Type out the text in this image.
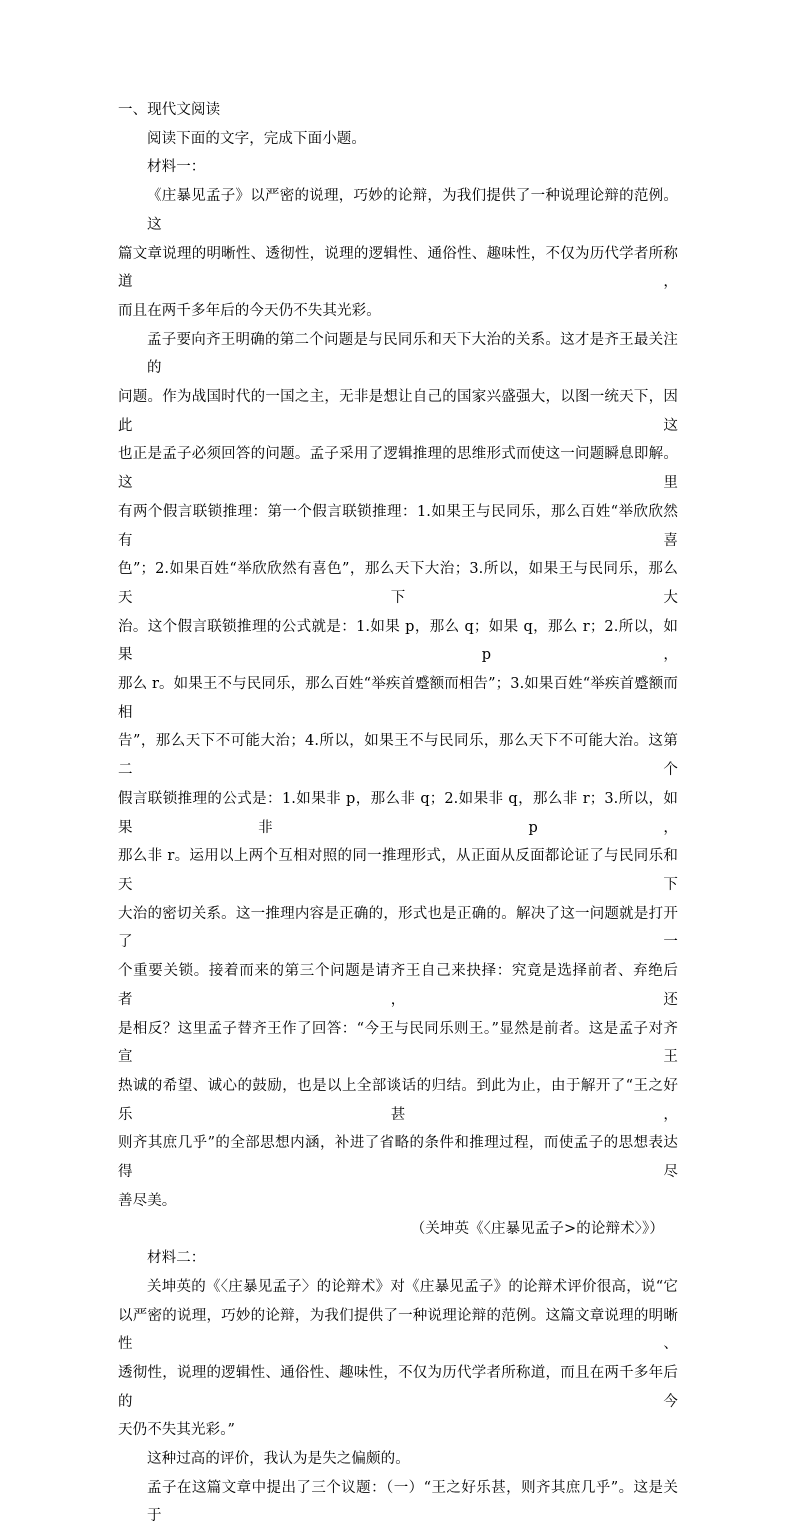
一、现代文阅读
阅读下面的文字，完成下面小题。
材料一：
《庄暴见孟子》以严密的说理，巧妙的论辩，为我们提供了一种说理论辩的范例。这
篇文章说理的明晰性、透彻性，说理的逻辑性、通俗性、趣味性，不仅为历代学者所称道，
而且在两千多年后的今天仍不失其光彩。
孟子要向齐王明确的第二个问题是与民同乐和天下大治的关系。这才是齐王最关注的
问题。作为战国时代的一国之主，无非是想让自己的国家兴盛强大，以图一统天下，因此这
也正是孟子必须回答的问题。孟子采用了逻辑推理的思维形式而使这一问题瞬息即解。这里
有两个假言联锁推理：第一个假言联锁推理：1.如果王与民同乐，那么百姓“举欣欣然有喜
色”；2.如果百姓“举欣欣然有喜色”，那么天下大治；3.所以，如果王与民同乐，那么天下大
治。这个假言联锁推理的公式就是：1.如果 p，那么 q；如果 q，那么 r；2.所以，如果 p，
那么 r。如果王不与民同乐，那么百姓“举疾首蹙额而相告”；3.如果百姓“举疾首蹙额而相
告”，那么天下不可能大治；4.所以，如果王不与民同乐，那么天下不可能大治。这第二个
假言联锁推理的公式是：1.如果非 p，那么非 q；2.如果非 q，那么非 r；3.所以，如果非 p，
那么非 r。运用以上两个互相对照的同一推理形式，从正面从反面都论证了与民同乐和天下
大治的密切关系。这一推理内容是正确的，形式也是正确的。解决了这一问题就是打开了一
个重要关锁。接着而来的第三个问题是请齐王自己来抉择：究竟是选择前者、弃绝后者，还
是相反？这里孟子替齐王作了回答：“今王与民同乐则王。”显然是前者。这是孟子对齐宣王
热诚的希望、诚心的鼓励，也是以上全部谈话的归结。到此为止，由于解开了“王之好乐甚，
则齐其庶几乎”的全部思想内涵，补进了省略的条件和推理过程，而使孟子的思想表达得尽
善尽美。
（关坤英《〈庄暴见孟子>的论辩术〉》）
材料二：
关坤英的《〈庄暴见孟子〉的论辩术》对《庄暴见孟子》的论辩术评价很高，说“它
以严密的说理，巧妙的论辩，为我们提供了一种说理论辩的范例。这篇文章说理的明晰性、
透彻性，说理的逻辑性、通俗性、趣味性，不仅为历代学者所称道，而且在两千多年后的今
天仍不失其光彩。”
这种过高的评价，我认为是失之偏颇的。
孟子在这篇文章中提出了三个议题：（一）“王之好乐甚，则齐其庶几乎”。这是关于
